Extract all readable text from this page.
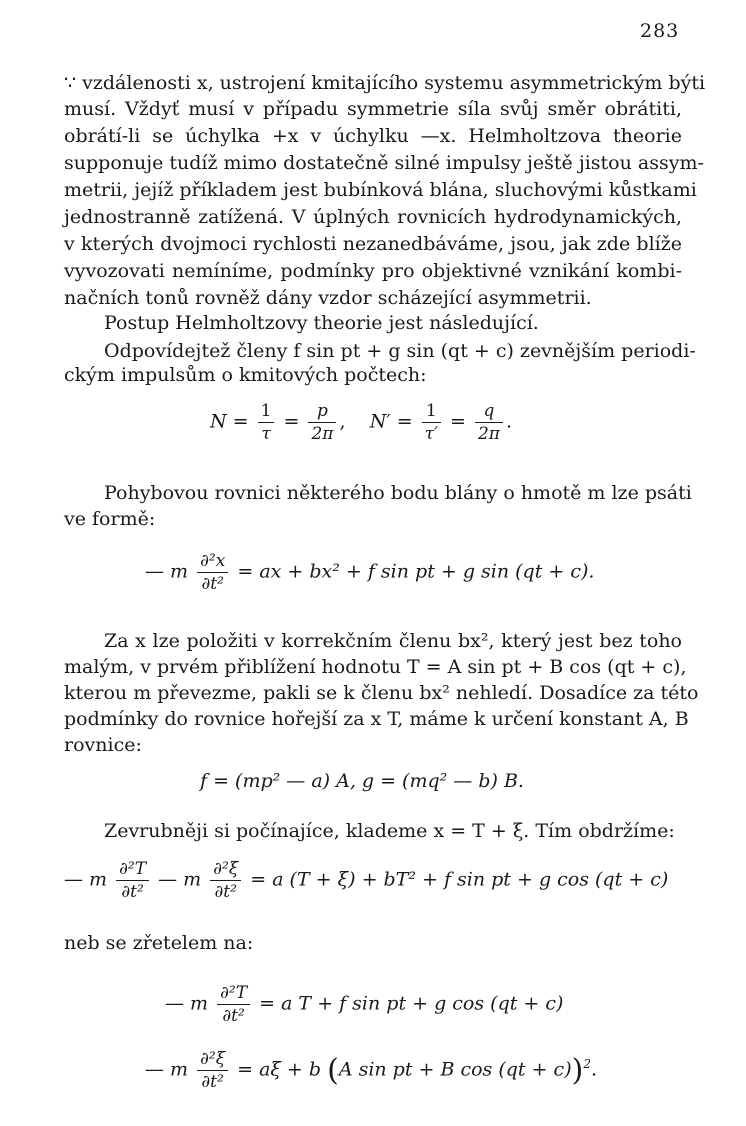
283
∵ vzdálenosti x, ustrojení kmitajícího systemu asymmetrickým býti
musí. Vždyť musí v případu symmetrie síla svůj směr obrátiti,
obrátí-li se úchylka +x v úchylku —x. Helmholtzova theorie
supponuje tudíž mimo dostatečně silné impulsy ještě jistou assym-
metrii, jejíž příkladem jest bubínková blána, sluchovými kůstkami
jednostranně zatížená. V úplných rovnicích hydrodynamických,
v kterých dvojmoci rychlosti nezanedbáváme, jsou, jak zde blíže
vyvozovati nemíníme, podmínky pro objektivné vznikání kombi-
načních tonů rovněž dány vzdor scházející asymmetrii.
Postup Helmholtzovy theorie jest následující.
Odpovídejtež členy f sin pt + g sin (qt + c) zevnějším periodi-
ckým impulsům o kmitových počtech:
$N = \frac{1}{\tau} = \frac{p}{2\pi}$ , $N' = \frac{1}{\tau'} = \frac{q}{2\pi}$ .
Pohybovou rovnici některého bodu blány o hmotě m lze psáti
ve formě:
— m $\frac{\text{∂²x}}{\text{∂t²}}$ = ax + bx² + f sin pt + g sin (qt + c).
Za x lze položiti v korrekčním členu bx², který jest bez toho
malým, v prvém přiblížení hodnotu T = A sin pt + B cos (qt + c),
kterou m převezme, pakli se k členu bx² nehledí. Dosadíce za této
podmínky do rovnice hořejší za x T, máme k určení konstant A, B
rovnice:
f = (mp² — a) A, g = (mq² — b) B.
Zevrubněji si počínajíce, klademe x = T + ξ. Tím obdržíme:
— m $\frac{\text{∂²T}}{\text{∂t²}}$ — m $\frac{\text{∂²ξ}}{\text{∂t²}} = a$ (T + ξ) + bT² + f sin pt + g cos (qt + c)
neb se zřetelem na:
— m $\frac{\text{∂²T}}{\text{∂t²}} = a$ T + f sin pt + g cos (qt + c)
— m $\frac{\text{∂²ξ}}{\text{∂t²}} = a\xi + b$ (A sin pt + B cos (qt + c))$^2$.
